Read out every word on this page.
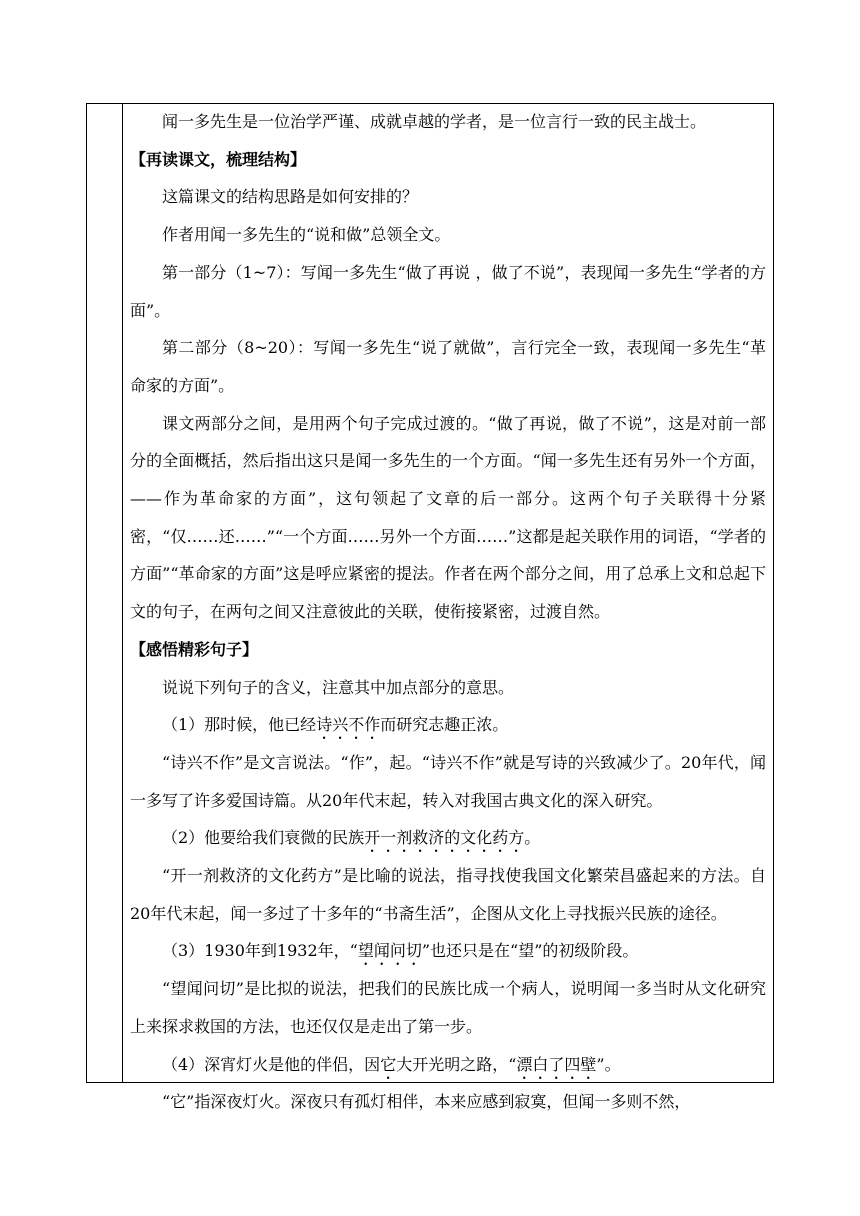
闻一多先生是一位治学严谨、成就卓越的学者，是一位言行一致的民主战士。

【再读课文，梳理结构】

这篇课文的结构思路是如何安排的？

作者用闻一多先生的“说和做”总领全文。

第一部分（1~7）：写闻一多先生“做了再说 ，做了不说”，表现闻一多先生“学者的方面”。

第二部分（8~20）：写闻一多先生“说了就做”，言行完全一致，表现闻一多先生“革命家的方面”。

课文两部分之间，是用两个句子完成过渡的。“做了再说，做了不说”，这是对前一部分的全面概括，然后指出这只是闻一多先生的一个方面。“闻一多先生还有另外一个方面，——作为革命家的方面”，这句领起了文章的后一部分。这两个句子关联得十分紧密，“仅……还……”“一个方面……另外一个方面……”这都是起关联作用的词语，“学者的方面”“革命家的方面”这是呼应紧密的提法。作者在两个部分之间，用了总承上文和总起下文的句子，在两句之间又注意彼此的关联，使衔接紧密，过渡自然。

【感悟精彩句子】

说说下列句子的含义，注意其中加点部分的意思。

（1）那时候，他已经诗兴不作而研究志趣正浓。

“诗兴不作”是文言说法。“作”，起。“诗兴不作”就是写诗的兴致减少了。20年代，闻一多写了许多爱国诗篇。从20年代末起，转入对我国古典文化的深入研究。

（2）他要给我们衰微的民族开一剂救济的文化药方。

“开一剂救济的文化药方”是比喻的说法，指寻找使我国文化繁荣昌盛起来的方法。自20年代末起，闻一多过了十多年的“书斋生活”，企图从文化上寻找振兴民族的途径。

（3）1930年到1932年，“望闻问切”也还只是在“望”的初级阶段。

“望闻问切”是比拟的说法，把我们的民族比成一个病人，说明闻一多当时从文化研究上来探求救国的方法，也还仅仅是走出了第一步。

（4）深宵灯火是他的伴侣，因它大开光明之路，“漂白了四壁”。

“它”指深夜灯火。深夜只有孤灯相伴，本来应感到寂寞，但闻一多则不然，
